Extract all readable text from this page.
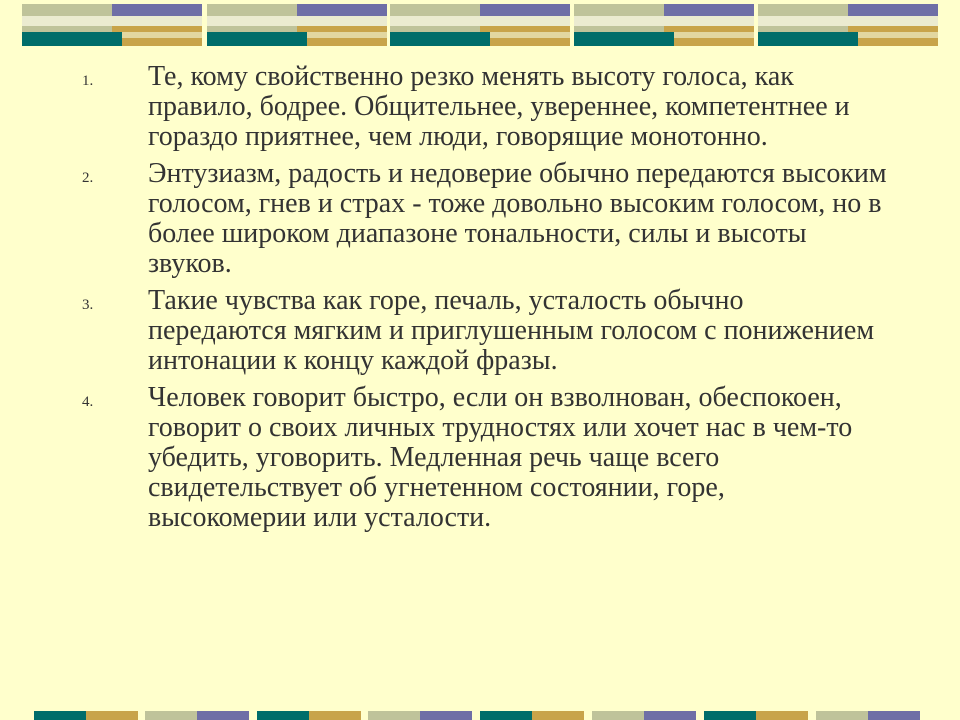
1. Те, кому свойственно резко менять высоту голоса, как правило, бодрее. Общительнее, увереннее, компетентнее и гораздо приятнее, чем люди, говорящие монотонно.
2. Энтузиазм, радость и недоверие обычно передаются высоким голосом, гнев и страх - тоже довольно высоким голосом, но в более широком диапазоне тональности, силы и высоты звуков.
3. Такие чувства как горе, печаль, усталость обычно передаются мягким и приглушенным голосом с понижением интонации к концу каждой фразы.
4. Человек говорит быстро, если он взволнован, обеспокоен, говорит о своих личных трудностях или хочет нас в чем-то убедить, уговорить. Медленная речь чаще всего свидетельствует об угнетенном состоянии, горе, высокомерии или усталости.
